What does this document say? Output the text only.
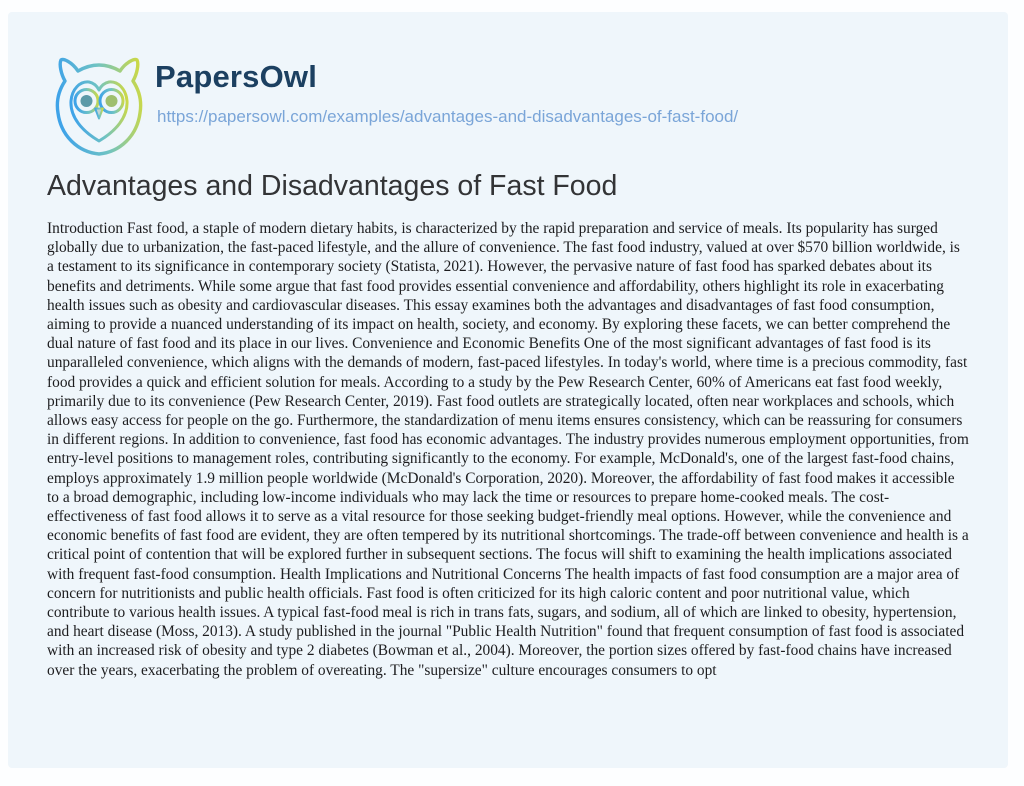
PapersOwl
https://papersowl.com/examples/advantages-and-disadvantages-of-fast-food/
Advantages and Disadvantages of Fast Food

Introduction Fast food, a staple of modern dietary habits, is characterized by the rapid preparation and service of meals. Its popularity has surged globally due to urbanization, the fast-paced lifestyle, and the allure of convenience. The fast food industry, valued at over $570 billion worldwide, is a testament to its significance in contemporary society (Statista, 2021). However, the pervasive nature of fast food has sparked debates about its benefits and detriments. While some argue that fast food provides essential convenience and affordability, others highlight its role in exacerbating health issues such as obesity and cardiovascular diseases. This essay examines both the advantages and disadvantages of fast food consumption, aiming to provide a nuanced understanding of its impact on health, society, and economy. By exploring these facets, we can better comprehend the dual nature of fast food and its place in our lives. Convenience and Economic Benefits One of the most significant advantages of fast food is its unparalleled convenience, which aligns with the demands of modern, fast-paced lifestyles. In today's world, where time is a precious commodity, fast food provides a quick and efficient solution for meals. According to a study by the Pew Research Center, 60% of Americans eat fast food weekly, primarily due to its convenience (Pew Research Center, 2019). Fast food outlets are strategically located, often near workplaces and schools, which allows easy access for people on the go. Furthermore, the standardization of menu items ensures consistency, which can be reassuring for consumers in different regions. In addition to convenience, fast food has economic advantages. The industry provides numerous employment opportunities, from entry-level positions to management roles, contributing significantly to the economy. For example, McDonald's, one of the largest fast-food chains, employs approximately 1.9 million people worldwide (McDonald's Corporation, 2020). Moreover, the affordability of fast food makes it accessible to a broad demographic, including low-income individuals who may lack the time or resources to prepare home-cooked meals. The cost-effectiveness of fast food allows it to serve as a vital resource for those seeking budget-friendly meal options. However, while the convenience and economic benefits of fast food are evident, they are often tempered by its nutritional shortcomings. The trade-off between convenience and health is a critical point of contention that will be explored further in subsequent sections. The focus will shift to examining the health implications associated with frequent fast-food consumption. Health Implications and Nutritional Concerns The health impacts of fast food consumption are a major area of concern for nutritionists and public health officials. Fast food is often criticized for its high caloric content and poor nutritional value, which contribute to various health issues. A typical fast-food meal is rich in trans fats, sugars, and sodium, all of which are linked to obesity, hypertension, and heart disease (Moss, 2013). A study published in the journal "Public Health Nutrition" found that frequent consumption of fast food is associated with an increased risk of obesity and type 2 diabetes (Bowman et al., 2004). Moreover, the portion sizes offered by fast-food chains have increased over the years, exacerbating the problem of overeating. The "supersize" culture encourages consumers to opt
